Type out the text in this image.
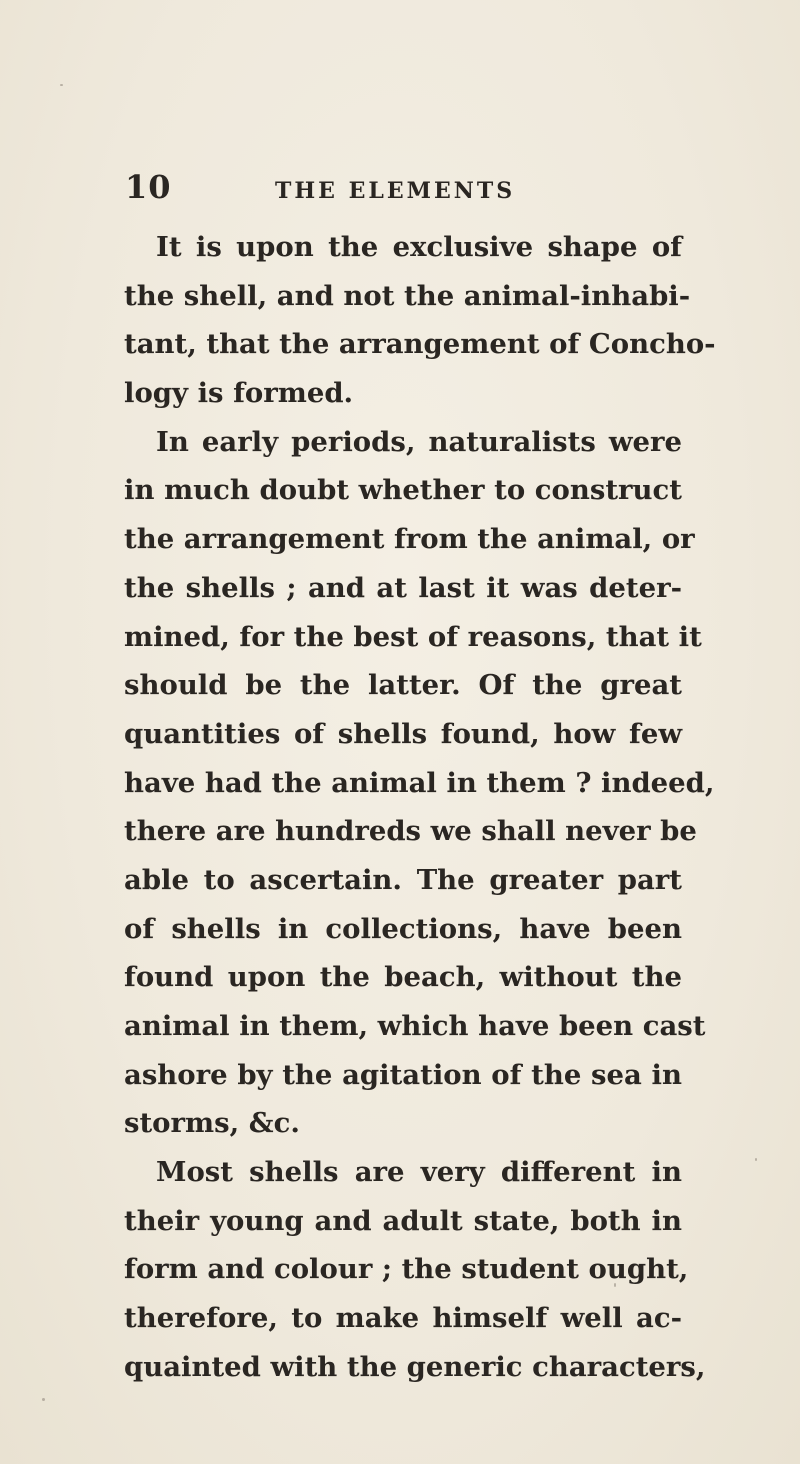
10	THE ELEMENTS
It is upon the exclusive shape of
the shell, and not the animal-inhabi-
tant, that the arrangement of Concho-
logy is formed.
In early periods, naturalists were
in much doubt whether to construct
the arrangement from the animal, or
the shells ; and at last it was deter-
mined, for the best of reasons, that it
should be the latter. Of the great
quantities of shells found, how few
have had the animal in them ? indeed,
there are hundreds we shall never be
able to ascertain. The greater part
of shells in collections, have been
found upon the beach, without the
animal in them, which have been cast
ashore by the agitation of the sea in
storms, &c.
Most shells are very different in
their young and adult state, both in
form and colour ; the student ought,
therefore, to make himself well ac-
quainted with the generic characters,
